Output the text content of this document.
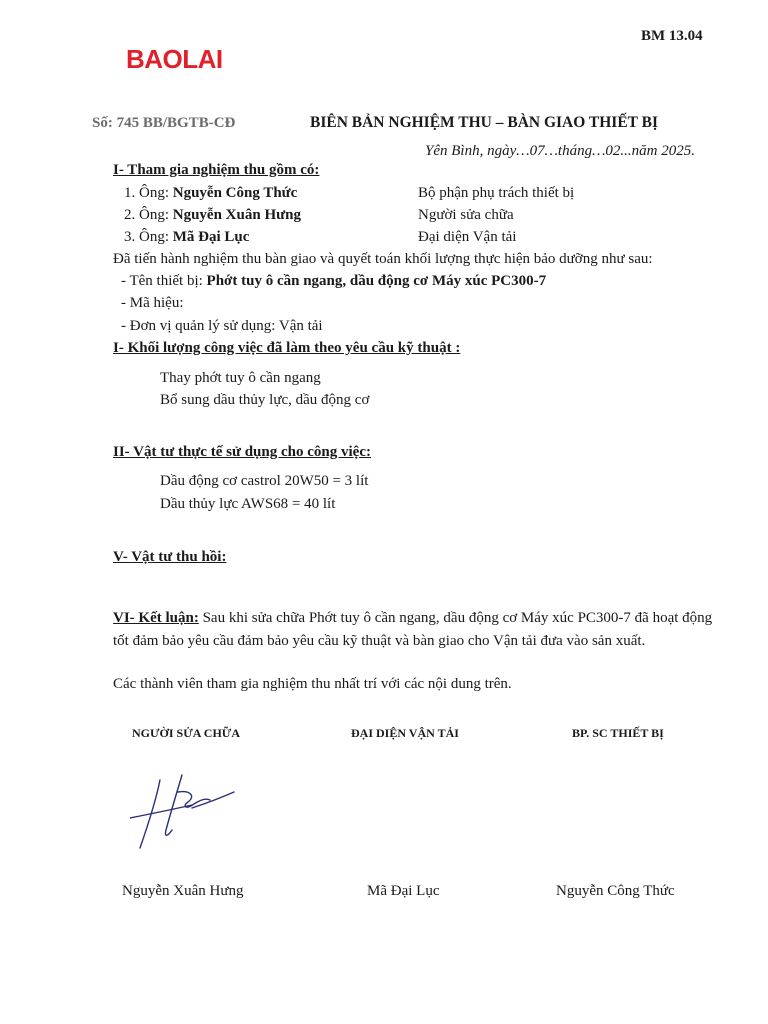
BM 13.04
BAOLAI
Số: 745 BB/BGTB-CĐ	BIÊN BẢN NGHIỆM THU – BÀN GIAO THIẾT BỊ
Yên Bình, ngày…07…tháng…02...năm 2025.
I- Tham gia nghiệm thu gồm có:
1. Ông: Nguyễn Công Thức	Bộ phận phụ trách thiết bị
2. Ông: Nguyễn Xuân Hưng	Người sửa chữa
3. Ông: Mã Đại Lục	Đại diện Vận tải
Đã tiến hành nghiệm thu bàn giao và quyết toán khối lượng thực hiện bảo dưỡng như sau:
- Tên thiết bị: Phớt tuy ô cần ngang, dầu động cơ Máy xúc PC300-7
- Mã hiệu:
- Đơn vị quản lý sử dụng: Vận tải
I- Khối lượng công việc đã làm theo yêu cầu kỹ thuật :
Thay phớt tuy ô cần ngang
Bổ sung dầu thủy lực, dầu động cơ
II- Vật tư thực tế sử dụng cho công việc:
Dầu động cơ castrol 20W50 = 3 lít
Dầu thủy lực AWS68 = 40 lít
V- Vật tư thu hồi:
VI- Kết luận: Sau khi sửa chữa Phớt tuy ô cần ngang, dầu động cơ Máy xúc PC300-7 đã hoạt động tốt đảm bảo yêu cầu đảm bảo yêu cầu kỹ thuật và bàn giao cho Vận tải đưa vào sản xuất.
Các thành viên tham gia nghiệm thu nhất trí với các nội dung trên.
NGƯỜI SỬA CHỮA	ĐẠI DIỆN VẬN TẢI	BP. SC THIẾT BỊ
Nguyễn Xuân Hưng	Mã Đại Lục	Nguyễn Công Thức
